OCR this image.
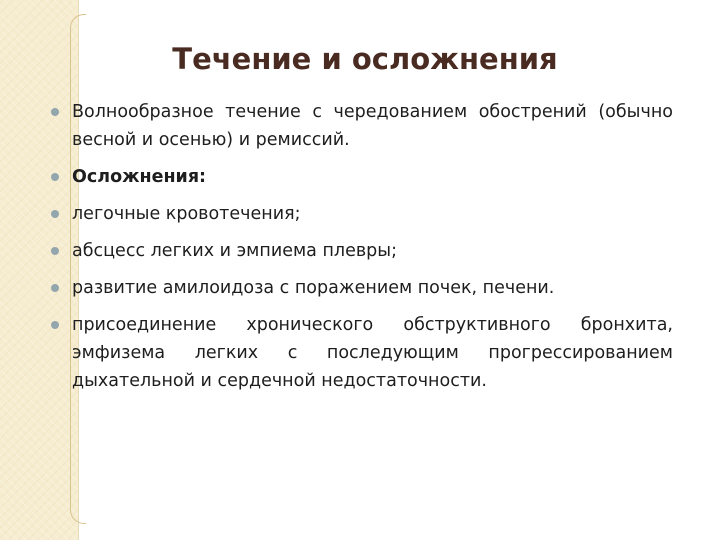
Течение и осложнения
Волнообразное течение с чередованием обострений (обычно весной и осенью) и ремиссий.
Осложнения:
легочные кровотечения;
абсцесс легких и эмпиема плевры;
развитие амилоидоза с поражением почек, печени.
присоединение хронического обструктивного бронхита, эмфизема легких с последующим прогрессированием дыхательной и сердечной недостаточности.
